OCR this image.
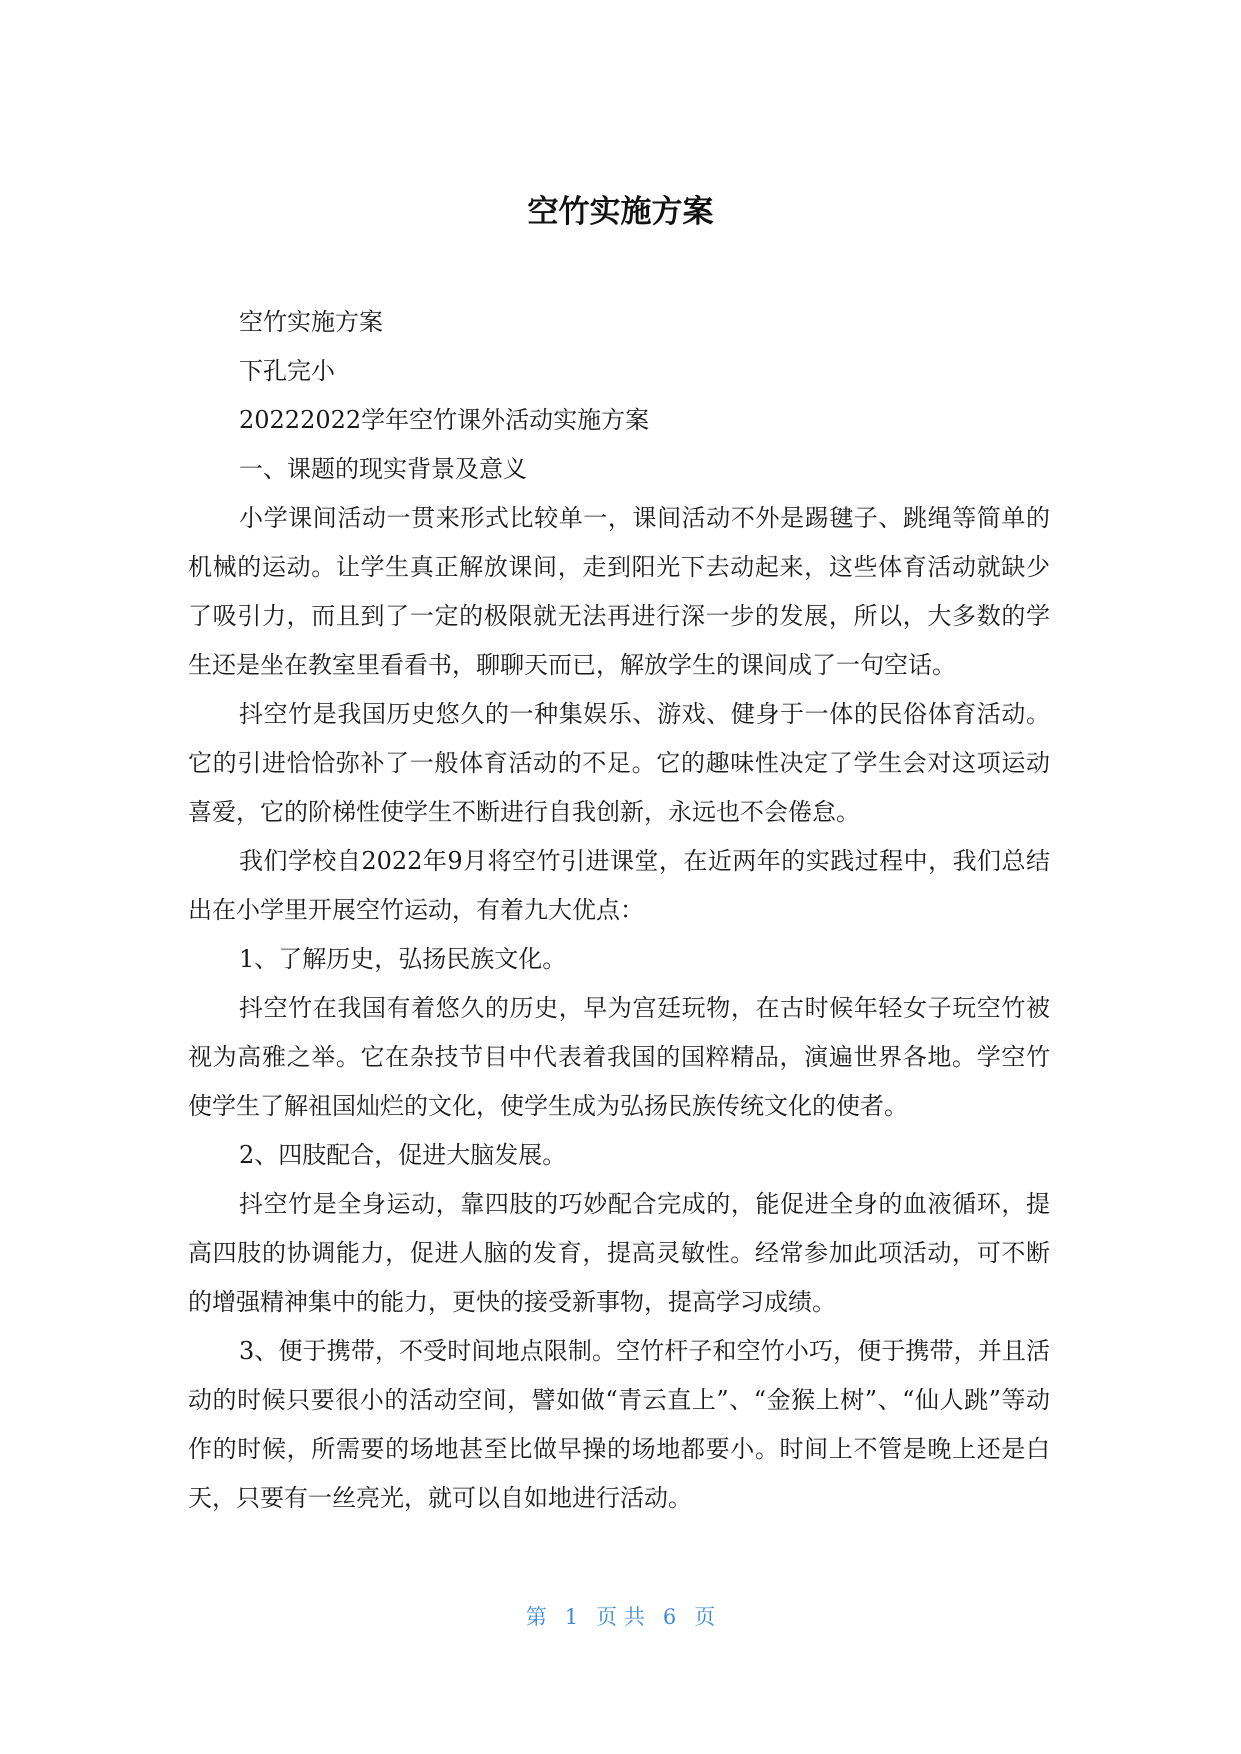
空竹实施方案

空竹实施方案

下孔完小

20222022学年空竹课外活动实施方案

一、课题的现实背景及意义

小学课间活动一贯来形式比较单一，课间活动不外是踢毽子、跳绳等简单的机械的运动。让学生真正解放课间，走到阳光下去动起来，这些体育活动就缺少了吸引力，而且到了一定的极限就无法再进行深一步的发展，所以，大多数的学生还是坐在教室里看看书，聊聊天而已，解放学生的课间成了一句空话。

抖空竹是我国历史悠久的一种集娱乐、游戏、健身于一体的民俗体育活动。它的引进恰恰弥补了一般体育活动的不足。它的趣味性决定了学生会对这项运动喜爱，它的阶梯性使学生不断进行自我创新，永远也不会倦怠。

我们学校自2022年9月将空竹引进课堂，在近两年的实践过程中，我们总结出在小学里开展空竹运动，有着九大优点：

1、了解历史，弘扬民族文化。

抖空竹在我国有着悠久的历史，早为宫廷玩物，在古时候年轻女子玩空竹被视为高雅之举。它在杂技节目中代表着我国的国粹精品，演遍世界各地。学空竹使学生了解祖国灿烂的文化，使学生成为弘扬民族传统文化的使者。

2、四肢配合，促进大脑发展。

抖空竹是全身运动，靠四肢的巧妙配合完成的，能促进全身的血液循环，提高四肢的协调能力，促进人脑的发育，提高灵敏性。经常参加此项活动，可不断的增强精神集中的能力，更快的接受新事物，提高学习成绩。

3、便于携带，不受时间地点限制。空竹杆子和空竹小巧，便于携带，并且活动的时候只要很小的活动空间，譬如做“青云直上”、“金猴上树”、“仙人跳”等动作的时候，所需要的场地甚至比做早操的场地都要小。时间上不管是晚上还是白天，只要有一丝亮光，就可以自如地进行活动。

第 1 页 共 6 页
